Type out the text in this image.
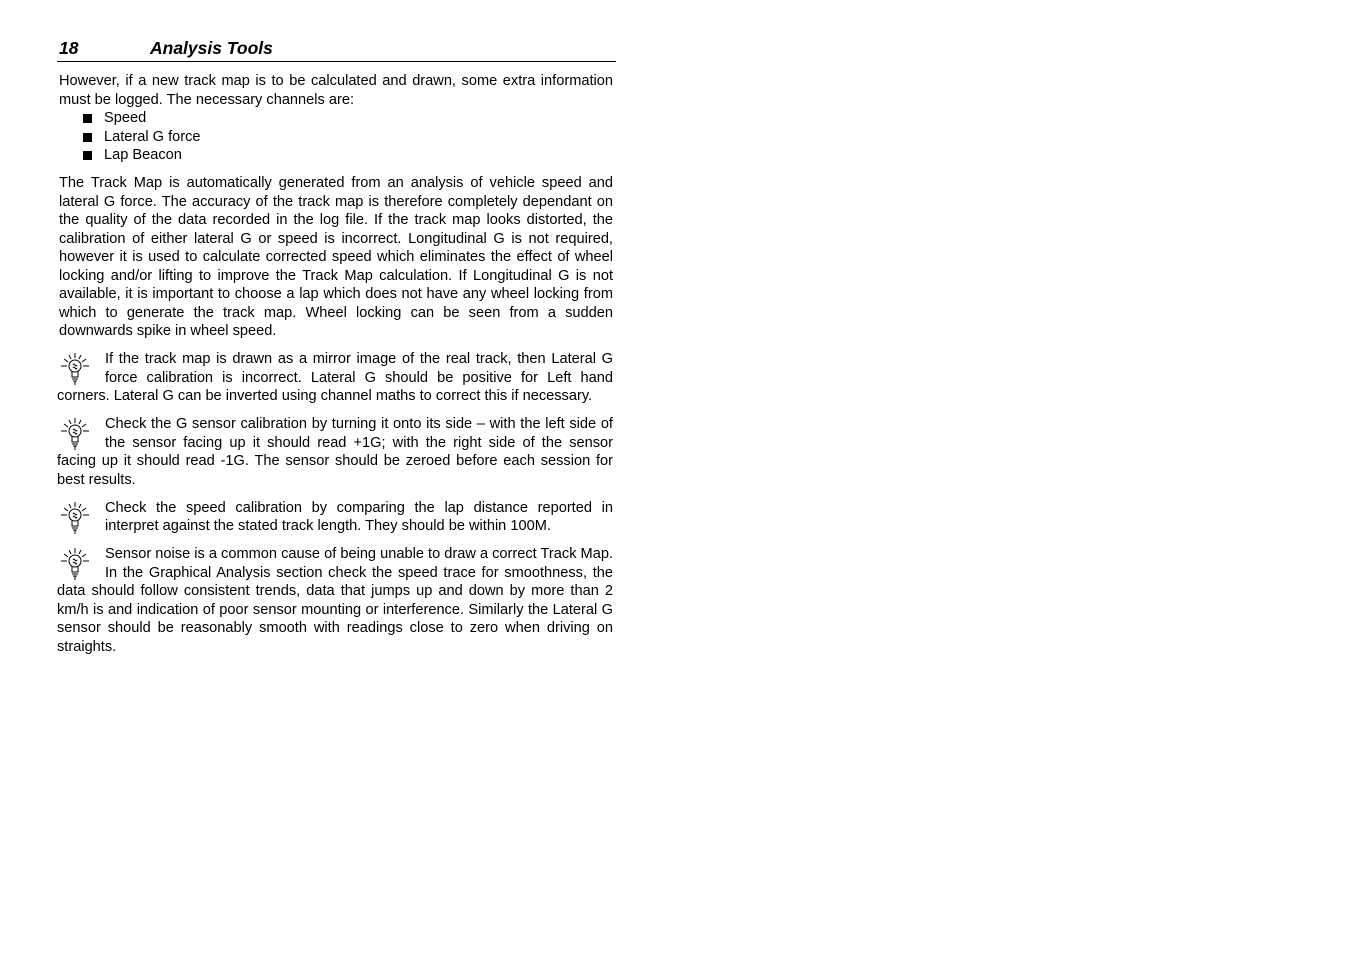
18	Analysis Tools

However, if a new track map is to be calculated and drawn, some extra information must be logged. The necessary channels are:

Speed
Lateral G force
Lap Beacon

The Track Map is automatically generated from an analysis of vehicle speed and lateral G force. The accuracy of the track map is therefore completely dependant on the quality of the data recorded in the log file. If the track map looks distorted, the calibration of either lateral G or speed is incorrect. Longitudinal G is not required, however it is used to calculate corrected speed which eliminates the effect of wheel locking and/or lifting to improve the Track Map calculation. If Longitudinal G is not available, it is important to choose a lap which does not have any wheel locking from which to generate the track map. Wheel locking can be seen from a sudden downwards spike in wheel speed.

If the track map is drawn as a mirror image of the real track, then Lateral G force calibration is incorrect. Lateral G should be positive for Left hand corners. Lateral G can be inverted using channel maths to correct this if necessary.

Check the G sensor calibration by turning it onto its side – with the left side of the sensor facing up it should read +1G; with the right side of the sensor facing up it should read -1G. The sensor should be zeroed before each session for best results.

Check the speed calibration by comparing the lap distance reported in interpret against the stated track length. They should be within 100M.

Sensor noise is a common cause of being unable to draw a correct Track Map. In the Graphical Analysis section check the speed trace for smoothness, the data should follow consistent trends, data that jumps up and down by more than 2 km/h is and indication of poor sensor mounting or interference. Similarly the Lateral G sensor should be reasonably smooth with readings close to zero when driving on straights.
